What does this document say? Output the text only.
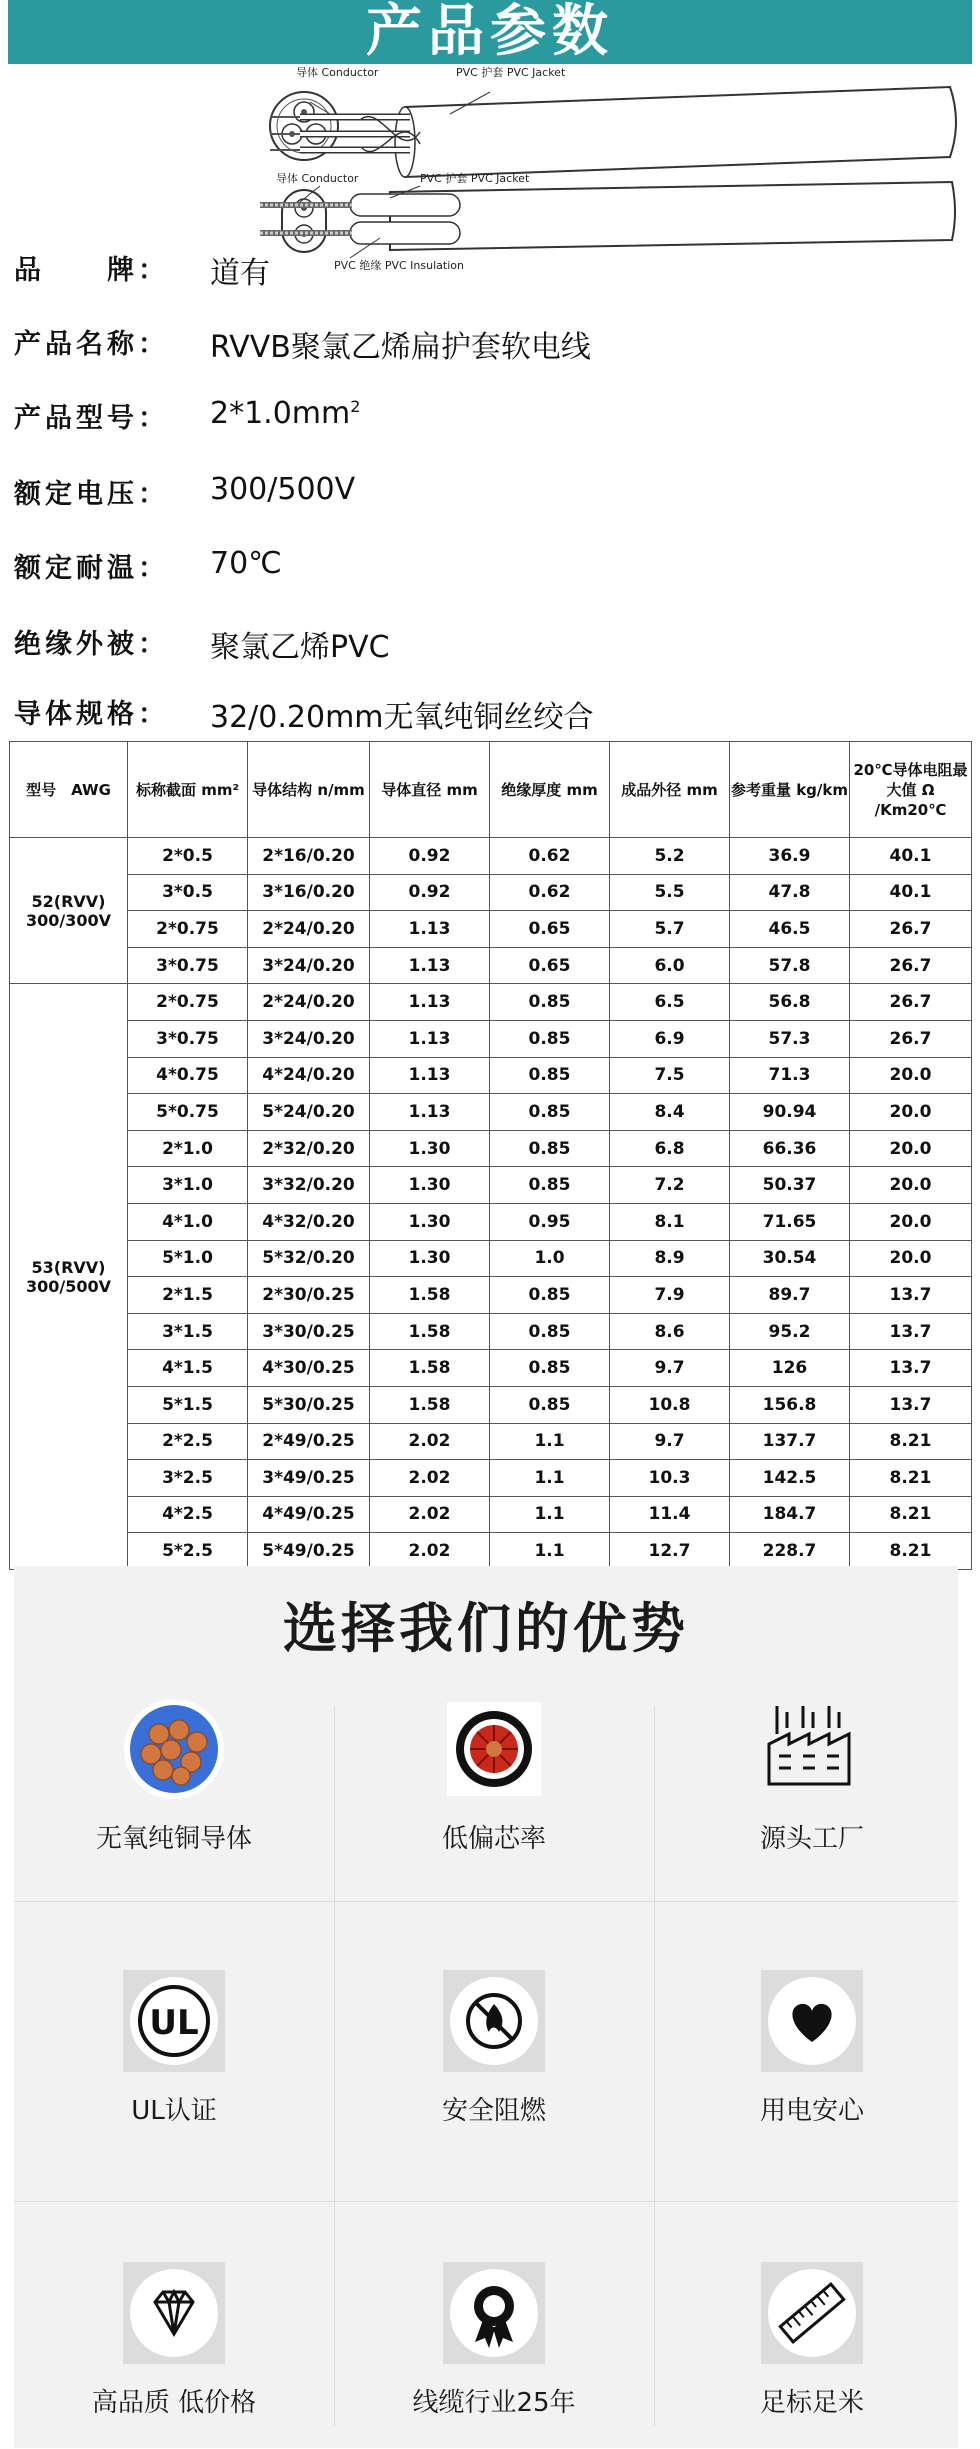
产品参数
导体 Conductor	PVC 护套 PVC Jacket
导体 Conductor	PVC 护套 PVC Jacket
PVC 绝缘 PVC Insulation
品　　牌： 道有
产品名称： RVVB聚氯乙烯扁护套软电线
产品型号： $2*1.0mm^2$
额定电压： 300/500V
额定耐温： 70℃
绝缘外被： 聚氯乙烯PVC
导体规格： 32/0.20mm无氧纯铜丝绞合
型号　AWG	标称截面 mm²	导体结构 n/mm	导体直径 mm	绝缘厚度 mm	成品外径 mm	参考重量 kg/km	20℃导体电阻最大值 Ω /Km20℃
52(RVV) 300/300V	2*0.5	2*16/0.20	0.92	0.62	5.2	36.9	40.1
	3*0.5	3*16/0.20	0.92	0.62	5.5	47.8	40.1
	2*0.75	2*24/0.20	1.13	0.65	5.7	46.5	26.7
	3*0.75	3*24/0.20	1.13	0.65	6.0	57.8	26.7
53(RVV) 300/500V	2*0.75	2*24/0.20	1.13	0.85	6.5	56.8	26.7
	3*0.75	3*24/0.20	1.13	0.85	6.9	57.3	26.7
	4*0.75	4*24/0.20	1.13	0.85	7.5	71.3	20.0
	5*0.75	5*24/0.20	1.13	0.85	8.4	90.94	20.0
	2*1.0	2*32/0.20	1.30	0.85	6.8	66.36	20.0
	3*1.0	3*32/0.20	1.30	0.85	7.2	50.37	20.0
	4*1.0	4*32/0.20	1.30	0.95	8.1	71.65	20.0
	5*1.0	5*32/0.20	1.30	1.0	8.9	30.54	20.0
	2*1.5	2*30/0.25	1.58	0.85	7.9	89.7	13.7
	3*1.5	3*30/0.25	1.58	0.85	8.6	95.2	13.7
	4*1.5	4*30/0.25	1.58	0.85	9.7	126	13.7
	5*1.5	5*30/0.25	1.58	0.85	10.8	156.8	13.7
	2*2.5	2*49/0.25	2.02	1.1	9.7	137.7	8.21
	3*2.5	3*49/0.25	2.02	1.1	10.3	142.5	8.21
	4*2.5	4*49/0.25	2.02	1.1	11.4	184.7	8.21
	5*2.5	5*49/0.25	2.02	1.1	12.7	228.7	8.21
选择我们的优势
无氧纯铜导体	低偏芯率	源头工厂
UL
UL认证	安全阻燃	用电安心
高品质 低价格	线缆行业25年	足标足米
